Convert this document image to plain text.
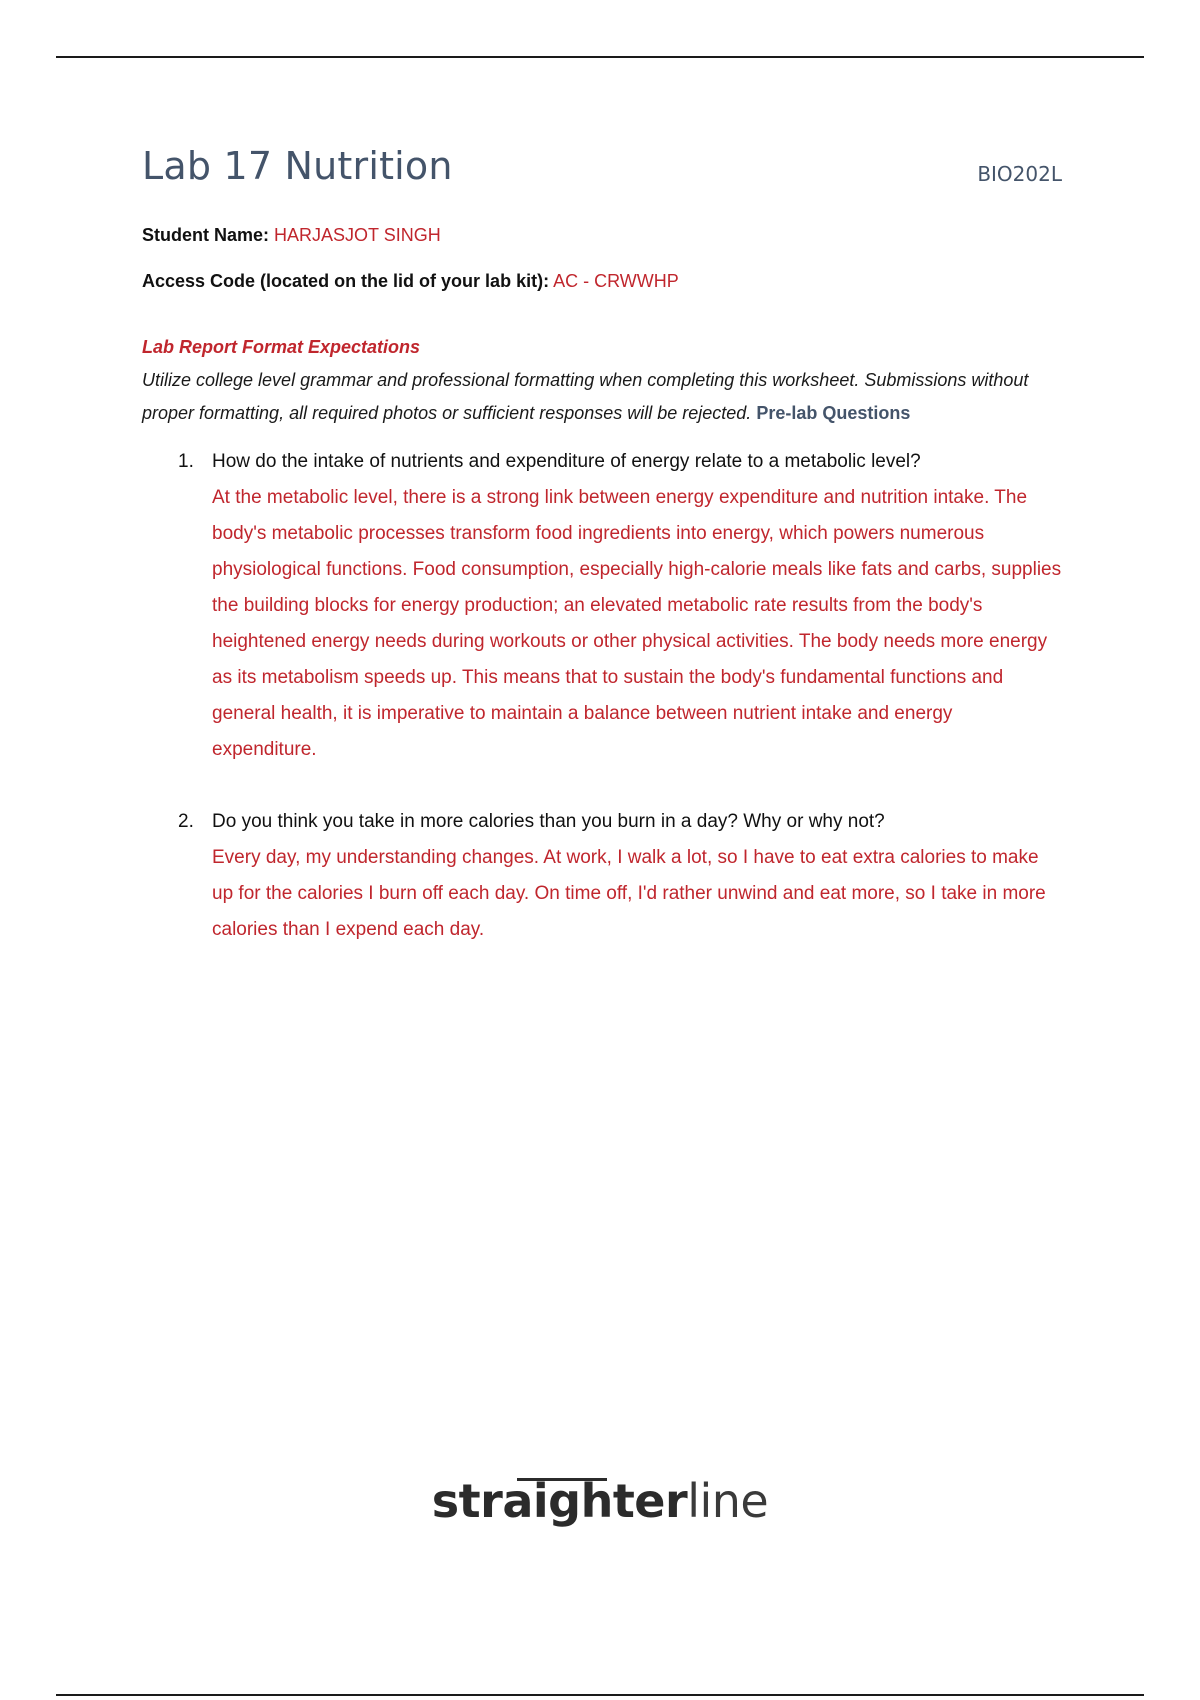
Lab 17 Nutrition	BIO202L
Student Name: HARJASJOT SINGH
Access Code (located on the lid of your lab kit): AC - CRWWHP
Lab Report Format Expectations
Utilize college level grammar and professional formatting when completing this worksheet. Submissions without proper formatting, all required photos or sufficient responses will be rejected. Pre-lab Questions
1. How do the intake of nutrients and expenditure of energy relate to a metabolic level?
At the metabolic level, there is a strong link between energy expenditure and nutrition intake. The body's metabolic processes transform food ingredients into energy, which powers numerous physiological functions. Food consumption, especially high-calorie meals like fats and carbs, supplies the building blocks for energy production; an elevated metabolic rate results from the body's heightened energy needs during workouts or other physical activities. The body needs more energy as its metabolism speeds up. This means that to sustain the body's fundamental functions and general health, it is imperative to maintain a balance between nutrient intake and energy expenditure.
2. Do you think you take in more calories than you burn in a day? Why or why not?
Every day, my understanding changes. At work, I walk a lot, so I have to eat extra calories to make up for the calories I burn off each day. On time off, I'd rather unwind and eat more, so I take in more calories than I expend each day.
straighterline
